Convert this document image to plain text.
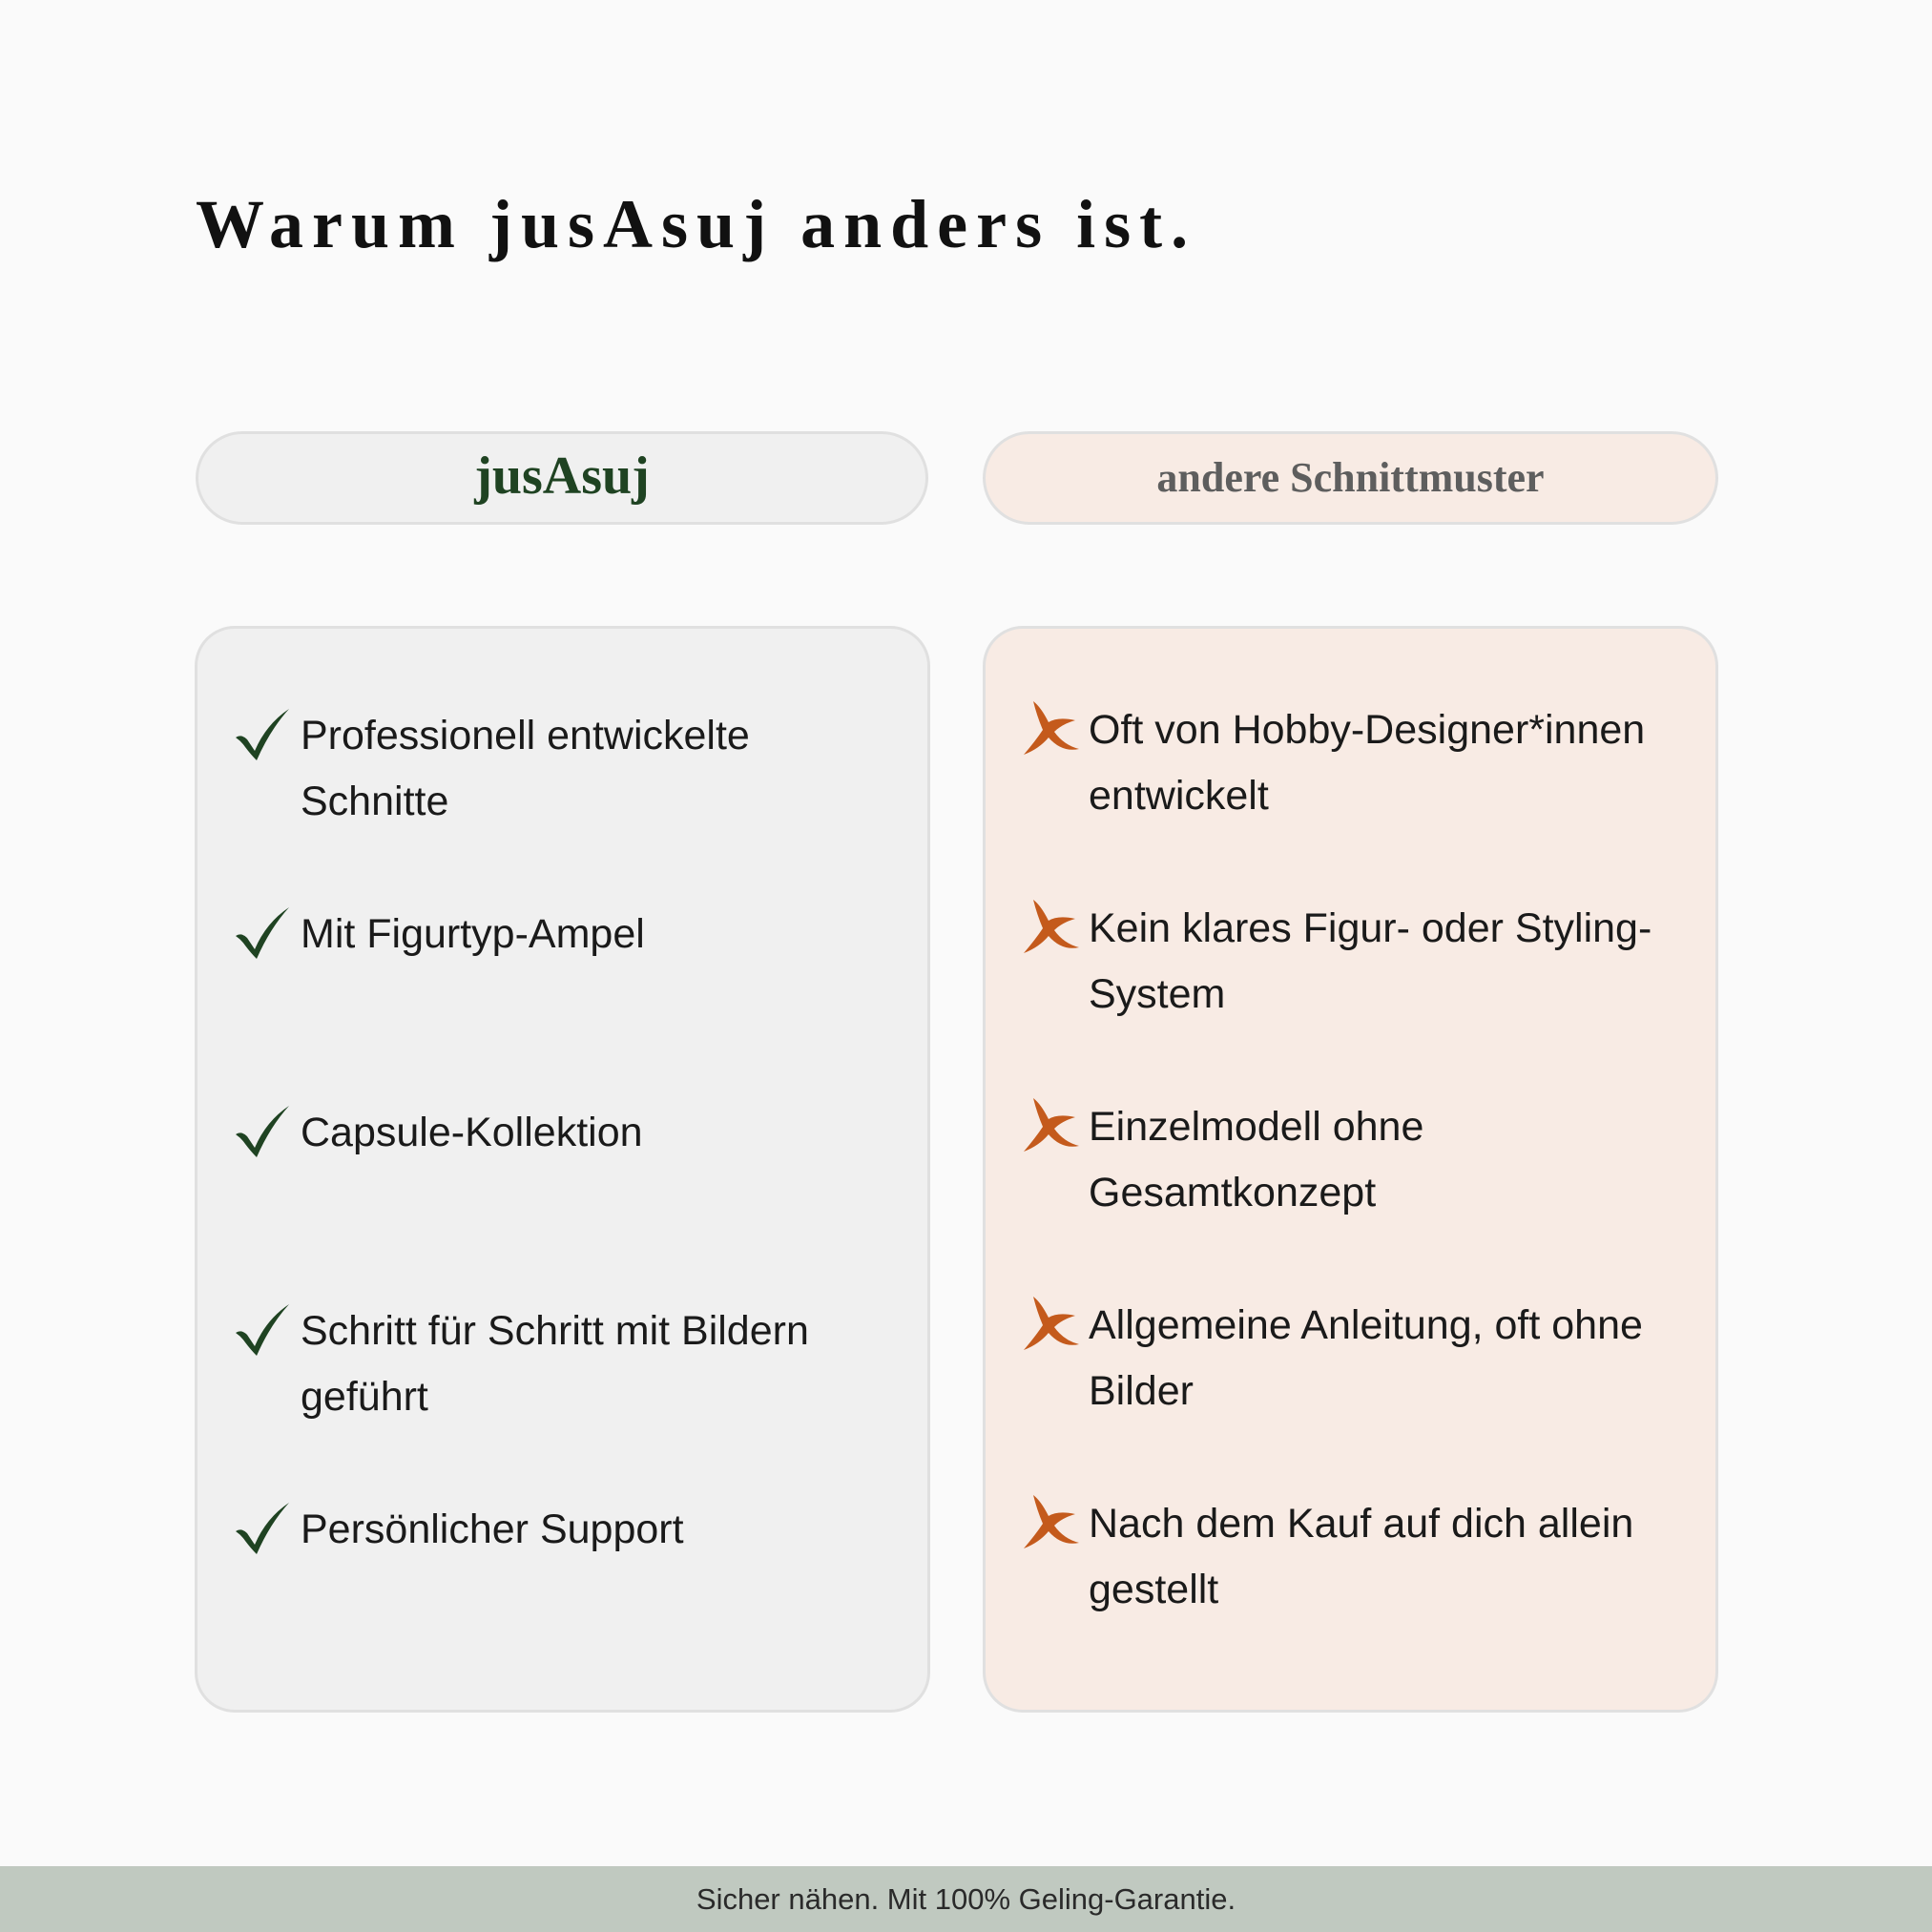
Warum jusAsuj anders ist.
jusAsuj	andere Schnittmuster
Professionell entwickelte Schnitte
Mit Figurtyp-Ampel
Capsule-Kollektion
Schritt für Schritt mit Bildern geführt
Persönlicher Support
Oft von Hobby-Designer*innen entwickelt
Kein klares Figur- oder Styling-System
Einzelmodell ohne Gesamtkonzept
Allgemeine Anleitung, oft ohne Bilder
Nach dem Kauf auf dich allein gestellt
Sicher nähen. Mit 100% Geling-Garantie.
